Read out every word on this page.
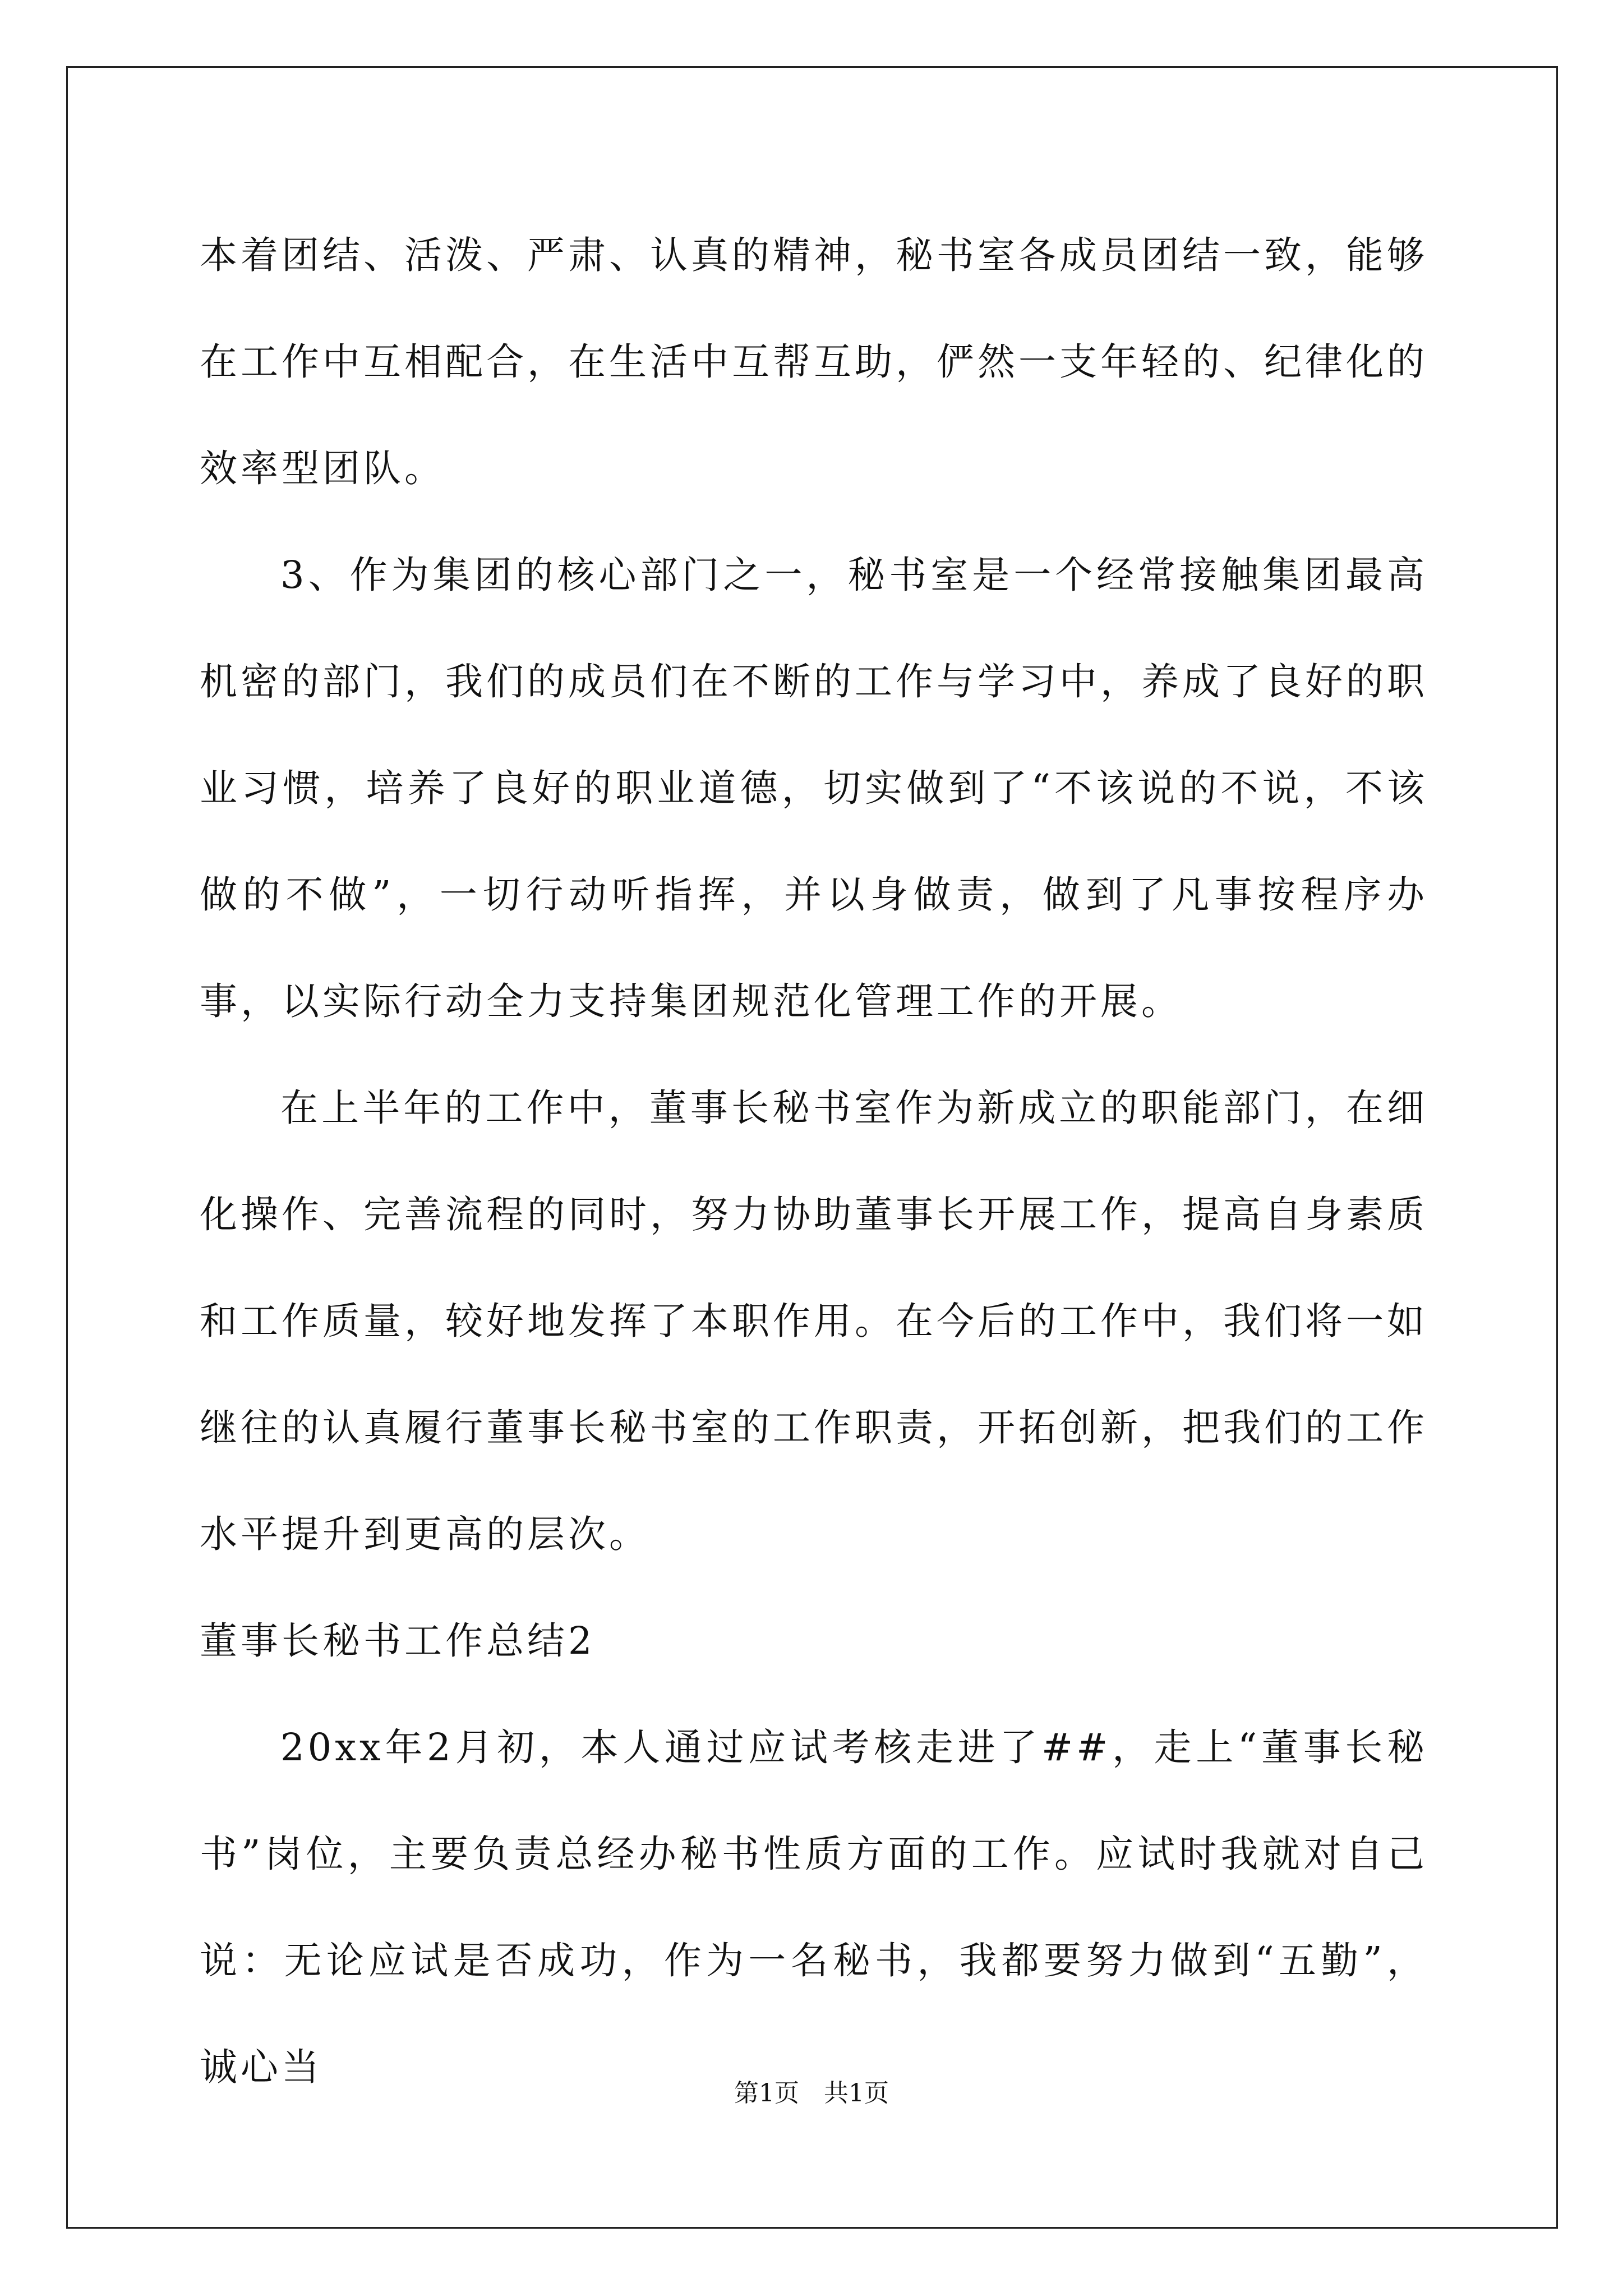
本着团结、活泼、严肃、认真的精神，秘书室各成员团结一致，能够在工作中互相配合，在生活中互帮互助，俨然一支年轻的、纪律化的效率型团队。

3、作为集团的核心部门之一，秘书室是一个经常接触集团最高机密的部门，我们的成员们在不断的工作与学习中，养成了良好的职业习惯，培养了良好的职业道德，切实做到了“不该说的不说，不该做的不做”，一切行动听指挥，并以身做责，做到了凡事按程序办事，以实际行动全力支持集团规范化管理工作的开展。

在上半年的工作中，董事长秘书室作为新成立的职能部门，在细化操作、完善流程的同时，努力协助董事长开展工作，提高自身素质和工作质量，较好地发挥了本职作用。在今后的工作中，我们将一如继往的认真履行董事长秘书室的工作职责，开拓创新，把我们的工作水平提升到更高的层次。

董事长秘书工作总结2

20xx年2月初，本人通过应试考核走进了##，走上“董事长秘书”岗位，主要负责总经办秘书性质方面的工作。应试时我就对自己说：无论应试是否成功，作为一名秘书，我都要努力做到“五勤”，诚心当

第1页　共1页
